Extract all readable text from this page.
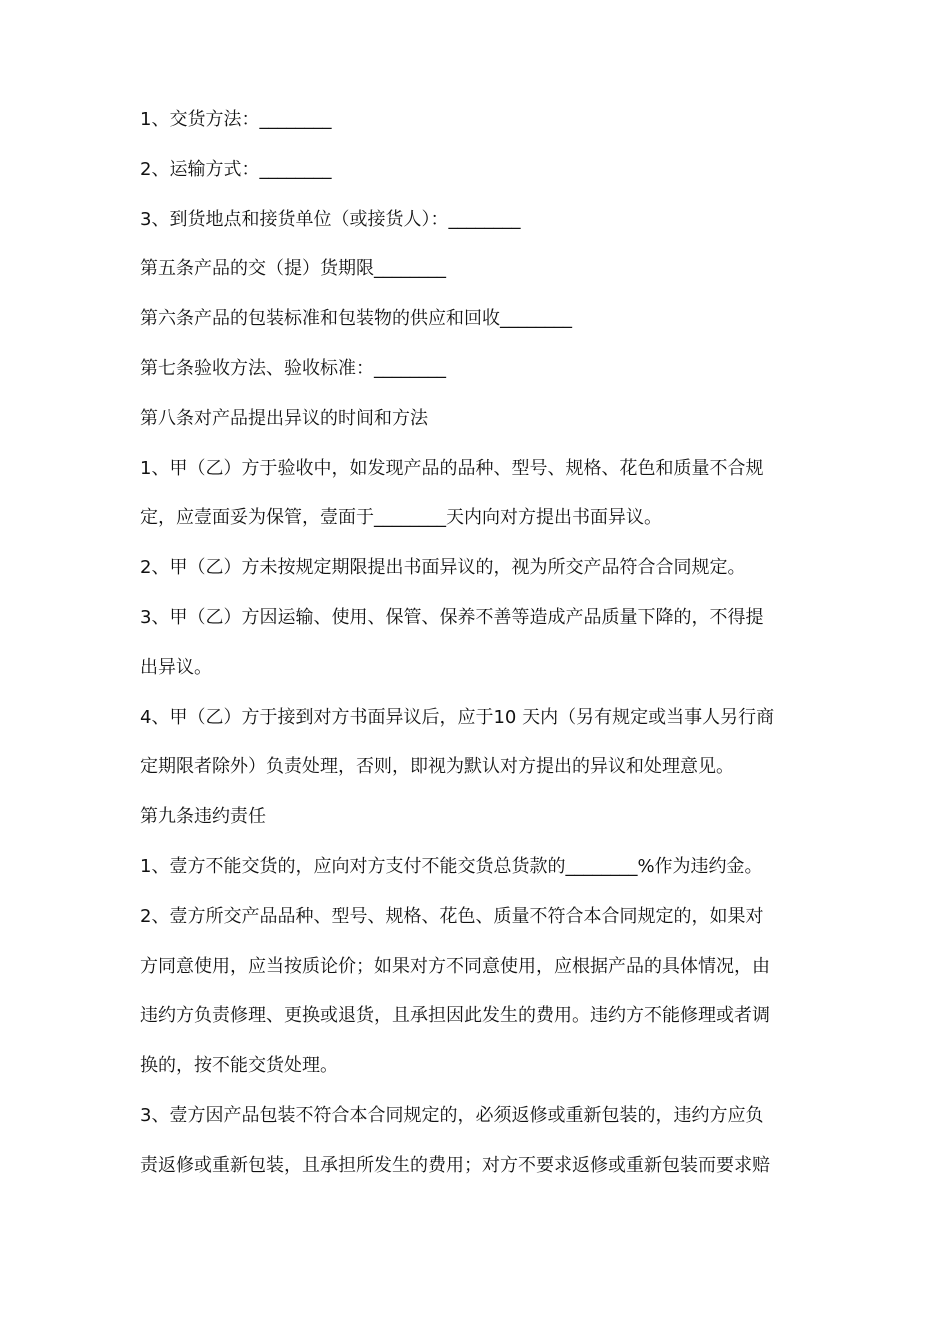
1、交货方法：________
2、运输方式：________
3、到货地点和接货单位（或接货人）：________
第五条产品的交（提）货期限________
第六条产品的包装标准和包装物的供应和回收________
第七条验收方法、验收标准：________
第八条对产品提出异议的时间和方法
1、甲（乙）方于验收中，如发现产品的品种、型号、规格、花色和质量不合规
定，应壹面妥为保管，壹面于________天内向对方提出书面异议。
2、甲（乙）方未按规定期限提出书面异议的，视为所交产品符合合同规定。
3、甲（乙）方因运输、使用、保管、保养不善等造成产品质量下降的，不得提
出异议。
4、甲（乙）方于接到对方书面异议后，应于10 天内（另有规定或当事人另行商
定期限者除外）负责处理，否则，即视为默认对方提出的异议和处理意见。
第九条违约责任
1、壹方不能交货的，应向对方支付不能交货总货款的________%作为违约金。
2、壹方所交产品品种、型号、规格、花色、质量不符合本合同规定的，如果对
方同意使用，应当按质论价；如果对方不同意使用，应根据产品的具体情况，由
违约方负责修理、更换或退货，且承担因此发生的费用。违约方不能修理或者调
换的，按不能交货处理。
3、壹方因产品包装不符合本合同规定的，必须返修或重新包装的，违约方应负
责返修或重新包装，且承担所发生的费用；对方不要求返修或重新包装而要求赔
